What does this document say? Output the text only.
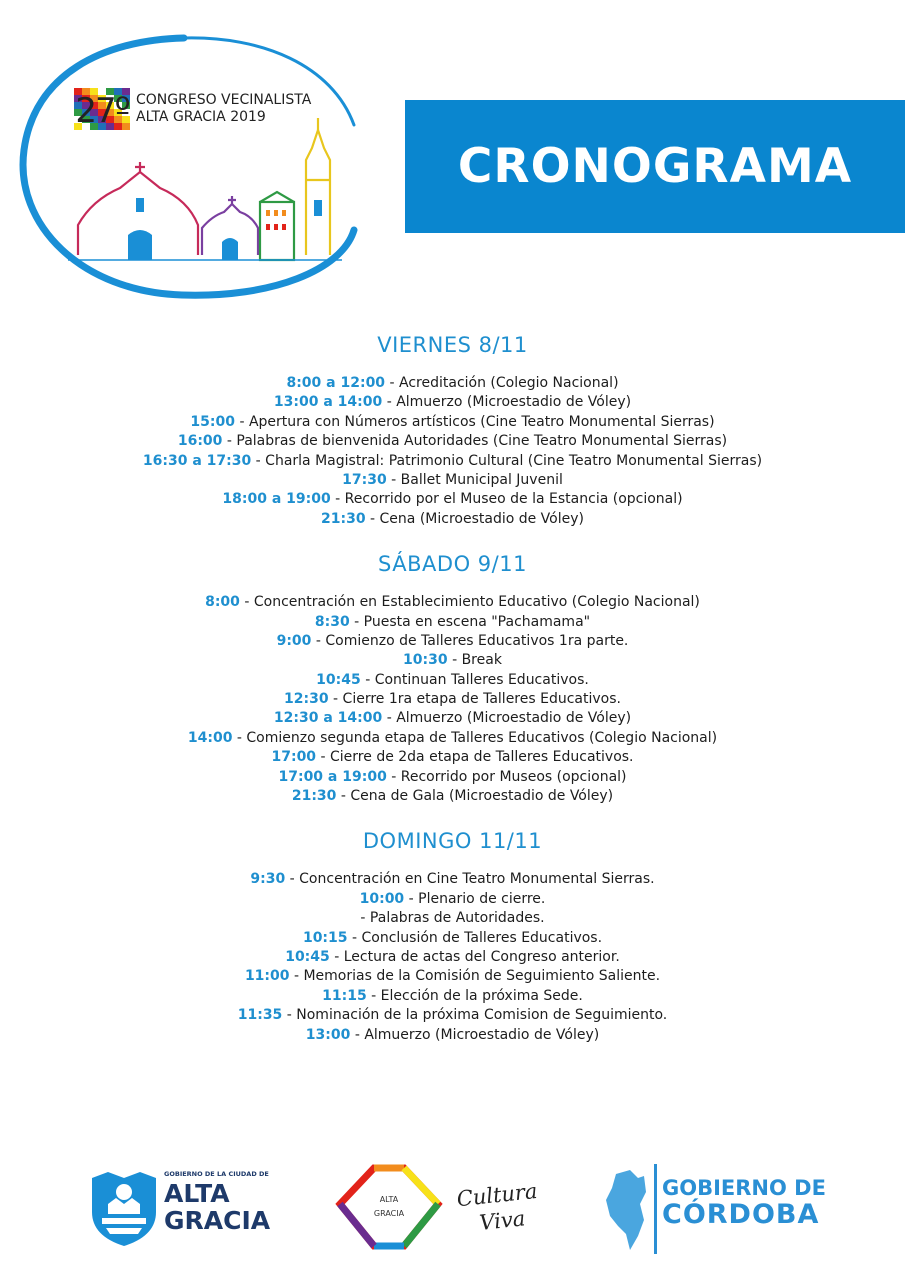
27º CONGRESO VECINALISTA
ALTA GRACIA 2019
CRONOGRAMA
VIERNES 8/11
8:00 a 12:00 - Acreditación (Colegio Nacional)
13:00 a 14:00 - Almuerzo (Microestadio de Vóley)
15:00 - Apertura con Números artísticos (Cine Teatro Monumental Sierras)
16:00 - Palabras de bienvenida Autoridades (Cine Teatro Monumental Sierras)
16:30 a 17:30 - Charla Magistral: Patrimonio Cultural (Cine Teatro Monumental Sierras)
17:30 - Ballet Municipal Juvenil
18:00 a 19:00 - Recorrido por el Museo de la Estancia (opcional)
21:30 - Cena (Microestadio de Vóley)
SÁBADO 9/11
8:00 - Concentración en Establecimiento Educativo (Colegio Nacional)
8:30 - Puesta en escena "Pachamama"
9:00 - Comienzo de Talleres Educativos 1ra parte.
10:30 - Break
10:45 - Continuan Talleres Educativos.
12:30 - Cierre 1ra etapa de Talleres Educativos.
12:30 a 14:00 - Almuerzo (Microestadio de Vóley)
14:00 - Comienzo segunda etapa de Talleres Educativos (Colegio Nacional)
17:00 - Cierre de 2da etapa de Talleres Educativos.
17:00 a 19:00 - Recorrido por Museos (opcional)
21:30 - Cena de Gala (Microestadio de Vóley)
DOMINGO 11/11
9:30 - Concentración en Cine Teatro Monumental Sierras.
10:00 - Plenario de cierre.
- Palabras de Autoridades.
10:15 - Conclusión de Talleres Educativos.
10:45 - Lectura de actas del Congreso anterior.
11:00 - Memorias de la Comisión de Seguimiento Saliente.
11:15 - Elección de la próxima Sede.
11:35 - Nominación de la próxima Comision de Seguimiento.
13:00 - Almuerzo (Microestadio de Vóley)
GOBIERNO DE LA CIUDAD DE
ALTA
GRACIA
ALTA
GRACIA
Cultura
Viva
GOBIERNO DE
CÓRDOBA
